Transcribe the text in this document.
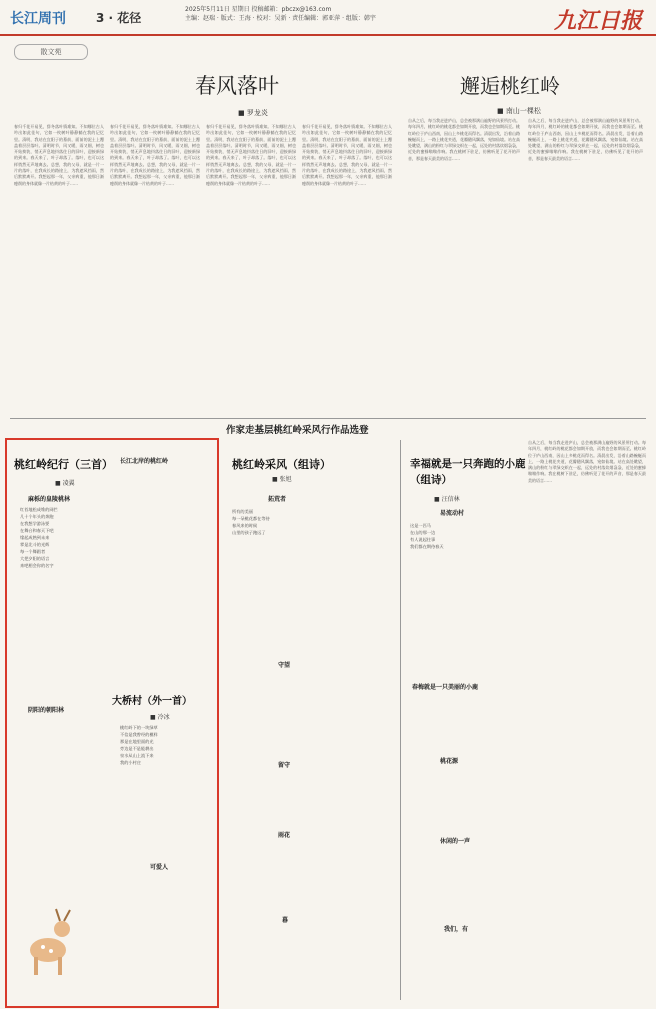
长江周刊	3 · 花径
2025年5月11日 星期日 投稿邮箱：pbczx@163.com
主编：赵瑞 · 版式：王海 · 校对：吴新 · 责任编辑：郭亚萍 · 组版：韩宇	九江日报
散文苑
春风落叶
■ 罗龙炎
春归千花开易见，辞冬落叶情难知。不知哪位古人吟出如此佳句，它如一枚树叶静静躺在我的记忆里。清明，我站在宜阳子的墓前，面前的泥土上覆盖着层层落叶。清明时节，风又暖，雨又细，树也开始换装，悄无声息地抖落往日的旧叶，迎接新绿的到来。春天来了，叶子却落了。落叶，也可以这样悄然无声地离去。总想，我的父母，就是一片一片的落叶，在我成长的路途上，为我遮风挡雨，然后默默离开。我想起那一年，父亲病重，他那日渐瘦削的身体就像一片枯黄的叶子……
春归千花开易见，辞冬落叶情难知。不知哪位古人吟出如此佳句，它如一枚树叶静静躺在我的记忆里。清明，我站在宜阳子的墓前，面前的泥土上覆盖着层层落叶。清明时节，风又暖，雨又细，树也开始换装，悄无声息地抖落往日的旧叶，迎接新绿的到来。春天来了，叶子却落了。落叶，也可以这样悄然无声地离去。总想，我的父母，就是一片一片的落叶，在我成长的路途上，为我遮风挡雨，然后默默离开。我想起那一年，父亲病重，他那日渐瘦削的身体就像一片枯黄的叶子……
春归千花开易见，辞冬落叶情难知。不知哪位古人吟出如此佳句，它如一枚树叶静静躺在我的记忆里。清明，我站在宜阳子的墓前，面前的泥土上覆盖着层层落叶。清明时节，风又暖，雨又细，树也开始换装，悄无声息地抖落往日的旧叶，迎接新绿的到来。春天来了，叶子却落了。落叶，也可以这样悄然无声地离去。总想，我的父母，就是一片一片的落叶，在我成长的路途上，为我遮风挡雨，然后默默离开。我想起那一年，父亲病重，他那日渐瘦削的身体就像一片枯黄的叶子……
春归千花开易见，辞冬落叶情难知。不知哪位古人吟出如此佳句，它如一枚树叶静静躺在我的记忆里。清明，我站在宜阳子的墓前，面前的泥土上覆盖着层层落叶。清明时节，风又暖，雨又细，树也开始换装，悄无声息地抖落往日的旧叶，迎接新绿的到来。春天来了，叶子却落了。落叶，也可以这样悄然无声地离去。总想，我的父母，就是一片一片的落叶，在我成长的路途上，为我遮风挡雨，然后默默离开。我想起那一年，父亲病重，他那日渐瘦削的身体就像一片枯黄的叶子……
邂逅桃红岭
■ 南山一棵松
自从之后，每当我走进庐山，总会被那满山遍野的风景所打动。每年四月，桃红岭的桃花都会如期开放，而我也会如期而至。桃红岭位于庐山西南，因山上多桃花而得名。清晨出发，沿着山路蜿蜒而上，一路上桃花夹道，花瓣随风飘落，宛如仙境。站在高处眺望，满山的粉红与翠绿交织在一起，远处的村落炊烟袅袅，近处的蜜蜂嗡嗡作响。我在桃树下驻足，仿佛听见了花开的声音，那是春天最美的语言……
自从之后，每当我走进庐山，总会被那满山遍野的风景所打动。每年四月，桃红岭的桃花都会如期开放，而我也会如期而至。桃红岭位于庐山西南，因山上多桃花而得名。清晨出发，沿着山路蜿蜒而上，一路上桃花夹道，花瓣随风飘落，宛如仙境。站在高处眺望，满山的粉红与翠绿交织在一起，远处的村落炊烟袅袅，近处的蜜蜂嗡嗡作响。我在桃树下驻足，仿佛听见了花开的声音，那是春天最美的语言……
作家走基层桃红岭采风行作品选登
桃红岭纪行（三首）
■ 凌翼
麻栎的皇陵桃林
红苔地松成堆的网拦
几十个年头的奔跑
在我想学游泳要
在舞台和春天下吧
缘起成熟到未来
掌是北斗的光辉
每一个舞蹈者
大把夕阳的语言
来吧相会你的名字
长江北岸的桃红岭
阴阳的朝阳林
大桥村（外一首）
■ 冷冰
桃红岭下的一块绿草
不信是我曾经的模样
那是在地里面的光
旁边是不是能耕出
泉水从山上流下来
我的小村庄
可爱人
桃红岭采风（组诗）
■ 张旭
拓荒者
所有的美丽
每一朵桃花都在等待
春风来的时候
山里的孩子跑远了
守望
留守
雨花
暮
幸福就是一只奔跑的小鹿（组诗）
■ 汪信林
易流动村
这是一匹马
在山的那一边
有人说起往事
我们都在期待春天
春梅就是一只美丽的小鹿
桃花源
休闲的一声
我们，有
自从之后，每当我走进庐山，总会被那满山遍野的风景所打动。每年四月，桃红岭的桃花都会如期开放，而我也会如期而至。桃红岭位于庐山西南，因山上多桃花而得名。清晨出发，沿着山路蜿蜒而上，一路上桃花夹道，花瓣随风飘落，宛如仙境。站在高处眺望，满山的粉红与翠绿交织在一起，远处的村落炊烟袅袅，近处的蜜蜂嗡嗡作响。我在桃树下驻足，仿佛听见了花开的声音，那是春天最美的语言……
